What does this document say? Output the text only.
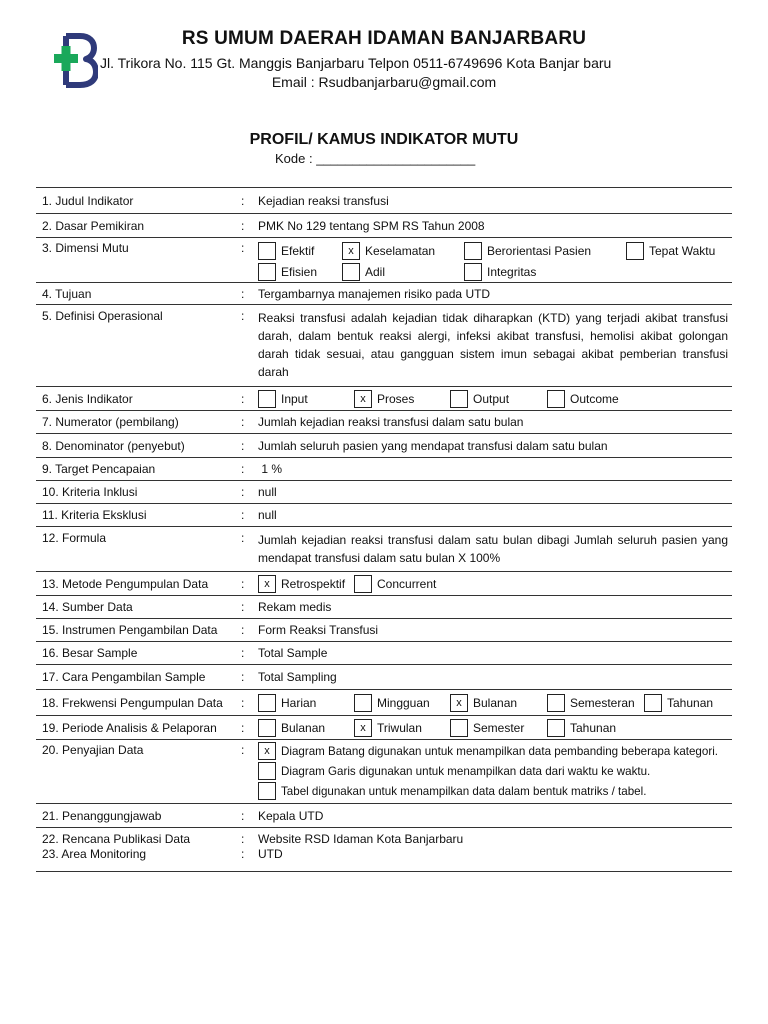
RS UMUM DAERAH IDAMAN BANJARBARU
Jl. Trikora No. 115 Gt. Manggis Banjarbaru Telpon 0511-6749696 Kota Banjar baru
Email : Rsudbanjarbaru@gmail.com
PROFIL/ KAMUS INDIKATOR MUTU
Kode : ______________________
1. Judul Indikator	:	Kejadian reaksi transfusi
2. Dasar Pemikiran	:	PMK No 129 tentang SPM RS Tahun 2008
3. Dimensi Mutu	:	Efektif	x Keselamatan	Berorientasi Pasien	Tepat Waktu
Efisien	Adil	Integritas
4. Tujuan	:	Tergambarnya manajemen risiko pada UTD
5. Definisi Operasional	:	Reaksi transfusi adalah kejadian tidak diharapkan (KTD) yang terjadi akibat transfusi darah, dalam bentuk reaksi alergi, infeksi akibat transfusi, hemolisi akibat golongan darah tidak sesuai, atau gangguan sistem imun sebagai akibat pemberian transfusi darah
6. Jenis Indikator	:	Input	x Proses	Output	Outcome
7. Numerator (pembilang)	:	Jumlah kejadian reaksi transfusi dalam satu bulan
8. Denominator (penyebut)	:	Jumlah seluruh pasien yang mendapat transfusi dalam satu bulan
9. Target Pencapaian	:	1 %
10. Kriteria Inklusi	:	null
11. Kriteria Eksklusi	:	null
12. Formula	:	Jumlah kejadian reaksi transfusi dalam satu bulan dibagi Jumlah seluruh pasien yang mendapat transfusi dalam satu bulan X 100%
13. Metode Pengumpulan Data	:	x Retrospektif	Concurrent
14. Sumber Data	:	Rekam medis
15. Instrumen Pengambilan Data	:	Form Reaksi Transfusi
16. Besar Sample	:	Total Sample
17. Cara Pengambilan Sample	:	Total Sampling
18. Frekwensi Pengumpulan Data	:	Harian	Mingguan	x Bulanan	Semesteran	Tahunan
19. Periode Analisis & Pelaporan	:	Bulanan	x Triwulan	Semester	Tahunan
20. Penyajian Data	:	x Diagram Batang digunakan untuk menampilkan data pembanding beberapa kategori.
Diagram Garis digunakan untuk menampilkan data dari waktu ke waktu.
Tabel digunakan untuk menampilkan data dalam bentuk matriks / tabel.
21. Penanggungjawab	:	Kepala UTD
22. Rencana Publikasi Data	:	Website RSD Idaman Kota Banjarbaru
23. Area Monitoring	:	UTD
